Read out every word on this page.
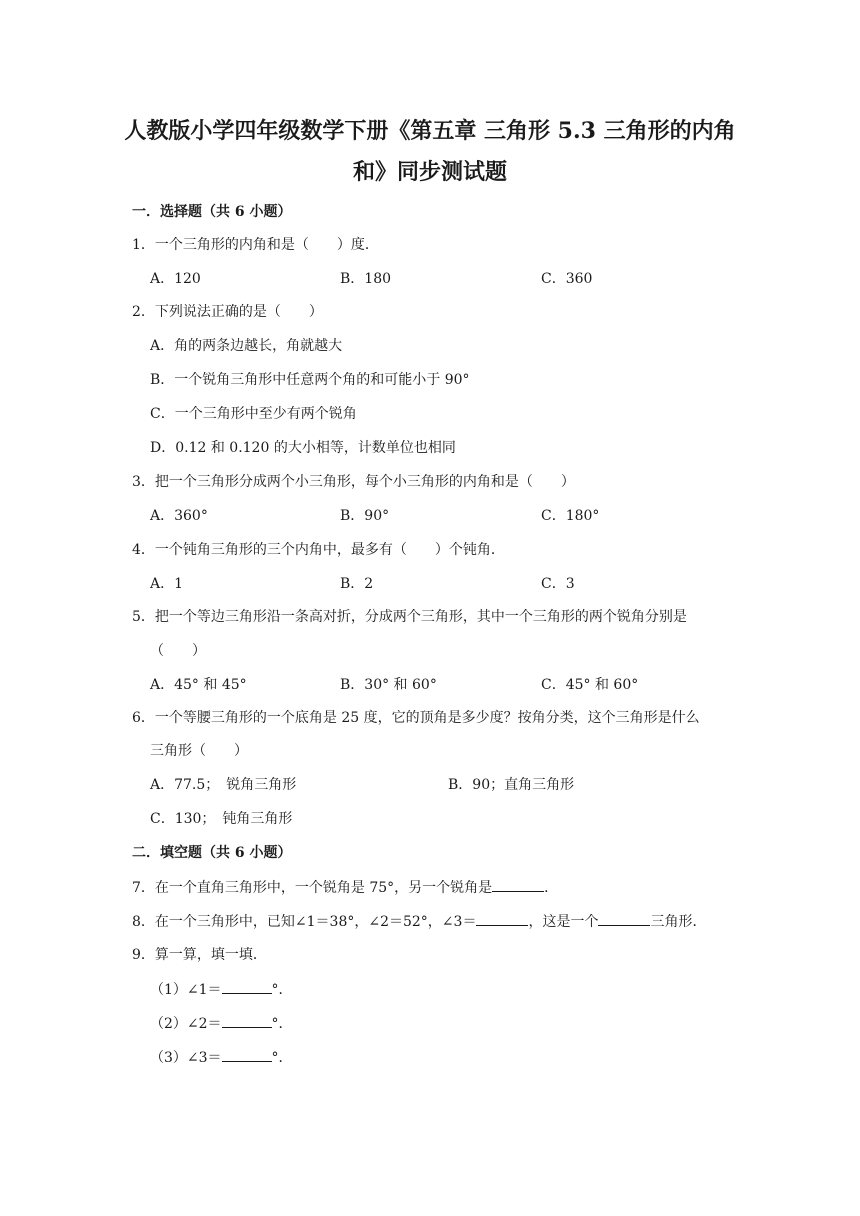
人教版小学四年级数学下册《第五章 三角形 5.3 三角形的内角
和》同步测试题
一．选择题（共 6 小题）
1．一个三角形的内角和是（　　）度．
A．120	B．180	C．360
2．下列说法正确的是（　　）
A．角的两条边越长，角就越大
B．一个锐角三角形中任意两个角的和可能小于 90°
C．一个三角形中至少有两个锐角
D．0.12 和 0.120 的大小相等，计数单位也相同
3．把一个三角形分成两个小三角形，每个小三角形的内角和是（　　）
A．360°	B．90°	C．180°
4．一个钝角三角形的三个内角中，最多有（　　）个钝角．
A．1	B．2	C．3
5．把一个等边三角形沿一条高对折，分成两个三角形，其中一个三角形的两个锐角分别是
（　　）
A．45° 和 45°	B．30° 和 60°	C．45° 和 60°
6．一个等腰三角形的一个底角是 25 度，它的顶角是多少度？按角分类，这个三角形是什么
三角形（　　）
A．77.5；　锐角三角形	B．90；直角三角形
C．130；　钝角三角形
二．填空题（共 6 小题）
7．在一个直角三角形中，一个锐角是 75°，另一个锐角是	．
8．在一个三角形中，已知∠1＝38°，∠2＝52°，∠3＝	，这是一个	三角形．
9．算一算，填一填．
（1）∠1＝	°．
（2）∠2＝	°．
（3）∠3＝	°．
